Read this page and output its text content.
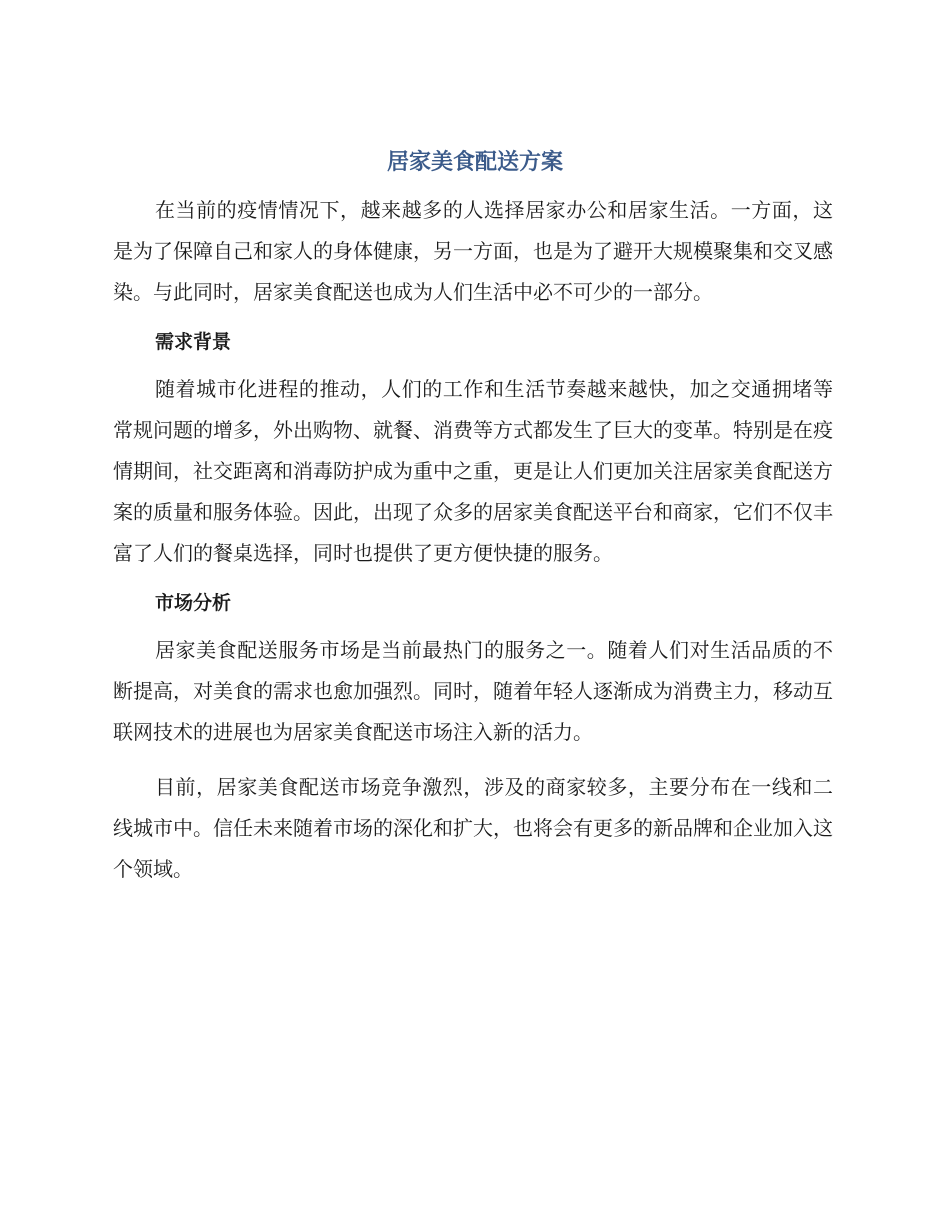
居家美食配送方案

在当前的疫情情况下，越来越多的人选择居家办公和居家生活。一方面，这是为了保障自己和家人的身体健康，另一方面，也是为了避开大规模聚集和交叉感染。与此同时，居家美食配送也成为人们生活中必不可少的一部分。

需求背景

随着城市化进程的推动，人们的工作和生活节奏越来越快，加之交通拥堵等常规问题的增多，外出购物、就餐、消费等方式都发生了巨大的变革。特别是在疫情期间，社交距离和消毒防护成为重中之重，更是让人们更加关注居家美食配送方案的质量和服务体验。因此，出现了众多的居家美食配送平台和商家，它们不仅丰富了人们的餐桌选择，同时也提供了更方便快捷的服务。

市场分析

居家美食配送服务市场是当前最热门的服务之一。随着人们对生活品质的不断提高，对美食的需求也愈加强烈。同时，随着年轻人逐渐成为消费主力，移动互联网技术的进展也为居家美食配送市场注入新的活力。

目前，居家美食配送市场竞争激烈，涉及的商家较多，主要分布在一线和二线城市中。信任未来随着市场的深化和扩大，也将会有更多的新品牌和企业加入这个领域。
